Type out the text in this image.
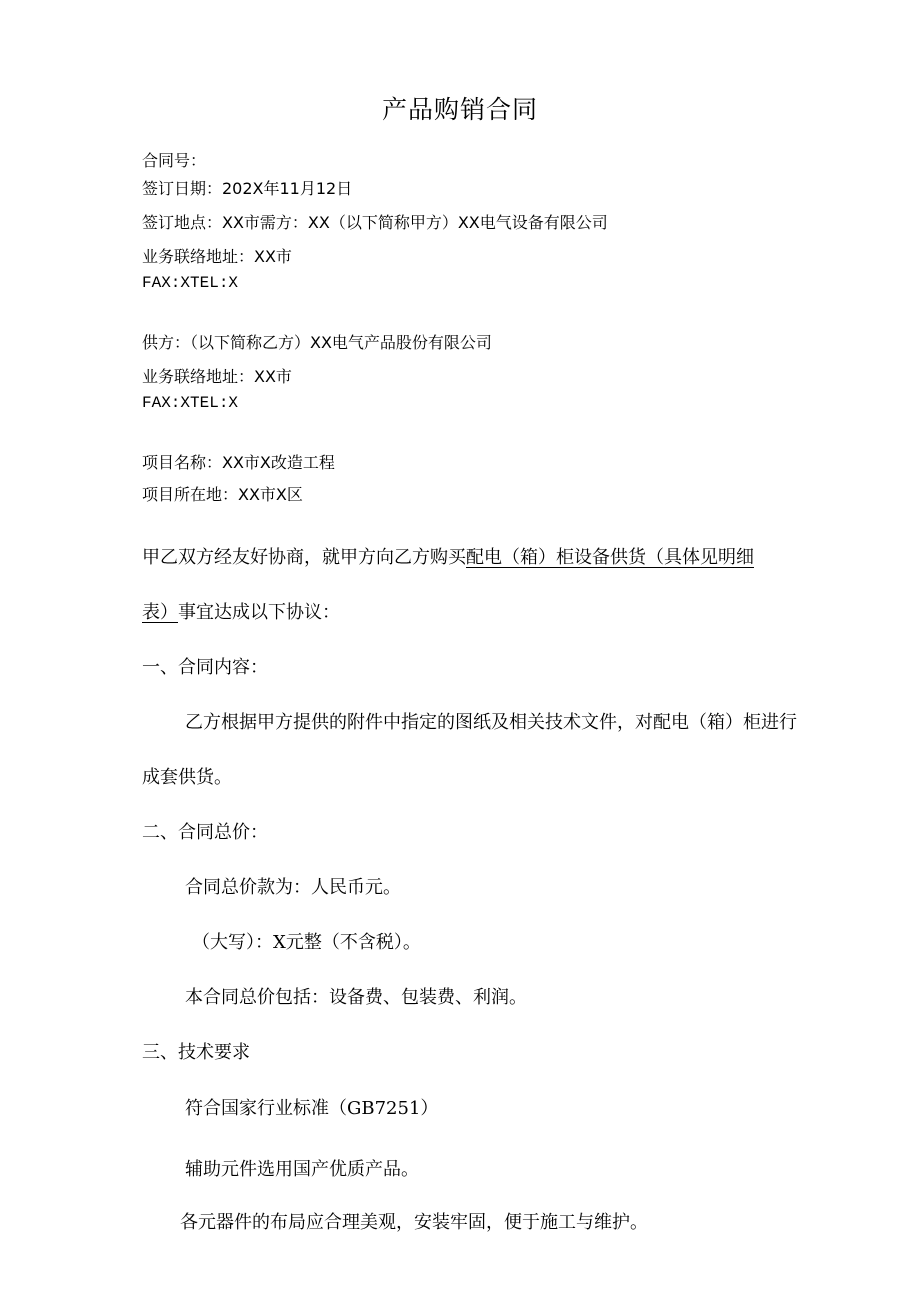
产品购销合同
合同号：
签订日期：202X年11月12日
签订地点：XX市需方：XX（以下简称甲方）XX电气设备有限公司
业务联络地址：XX市
FAX:XTEL:X
供方：（以下简称乙方）XX电气产品股份有限公司
业务联络地址：XX市
FAX:XTEL:X
项目名称：XX市X改造工程
项目所在地：XX市X区
甲乙双方经友好协商，就甲方向乙方购买配电（箱）柜设备供货（具体见明细
表）事宜达成以下协议：
一、合同内容：
乙方根据甲方提供的附件中指定的图纸及相关技术文件，对配电（箱）柜进行
成套供货。
二、合同总价：
合同总价款为：人民币元。
（大写）：X元整（不含税）。
本合同总价包括：设备费、包装费、利润。
三、技术要求
符合国家行业标准（GB7251）
辅助元件选用国产优质产品。
各元器件的布局应合理美观，安装牢固，便于施工与维护。
